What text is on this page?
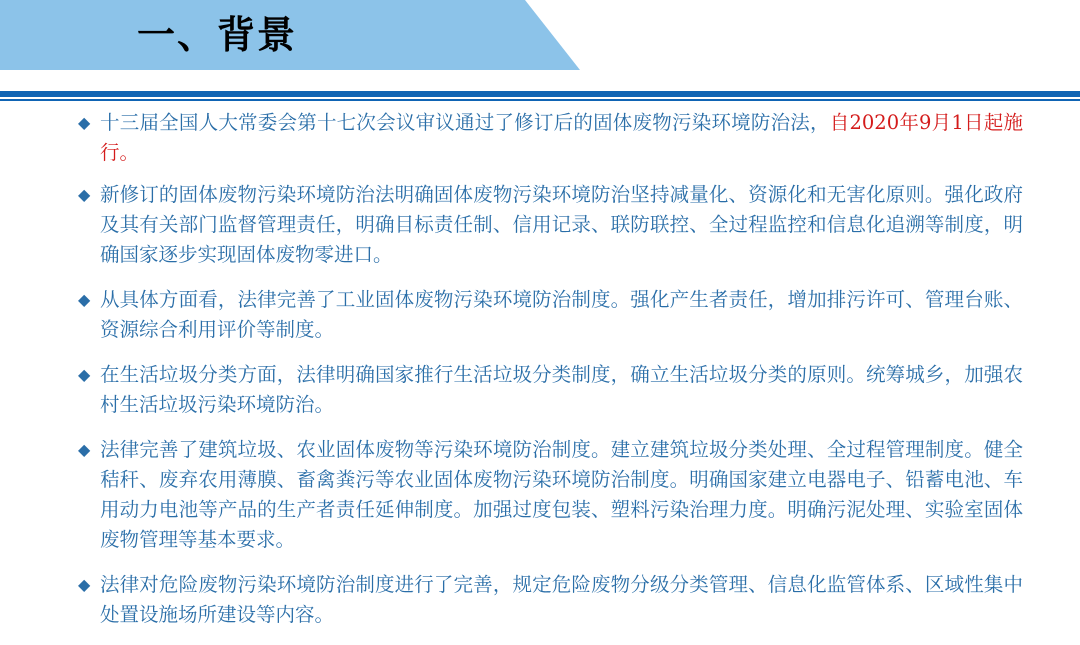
一、背景
◆ 十三届全国人大常委会第十七次会议审议通过了修订后的固体废物污染环境防治法，自2020年9月1日起施行。
◆ 新修订的固体废物污染环境防治法明确固体废物污染环境防治坚持减量化、资源化和无害化原则。强化政府及其有关部门监督管理责任，明确目标责任制、信用记录、联防联控、全过程监控和信息化追溯等制度，明确国家逐步实现固体废物零进口。
◆ 从具体方面看，法律完善了工业固体废物污染环境防治制度。强化产生者责任，增加排污许可、管理台账、资源综合利用评价等制度。
◆ 在生活垃圾分类方面，法律明确国家推行生活垃圾分类制度，确立生活垃圾分类的原则。统筹城乡，加强农村生活垃圾污染环境防治。
◆ 法律完善了建筑垃圾、农业固体废物等污染环境防治制度。建立建筑垃圾分类处理、全过程管理制度。健全秸秆、废弃农用薄膜、畜禽粪污等农业固体废物污染环境防治制度。明确国家建立电器电子、铅蓄电池、车用动力电池等产品的生产者责任延伸制度。加强过度包装、塑料污染治理力度。明确污泥处理、实验室固体废物管理等基本要求。
◆ 法律对危险废物污染环境防治制度进行了完善，规定危险废物分级分类管理、信息化监管体系、区域性集中处置设施场所建设等内容。
